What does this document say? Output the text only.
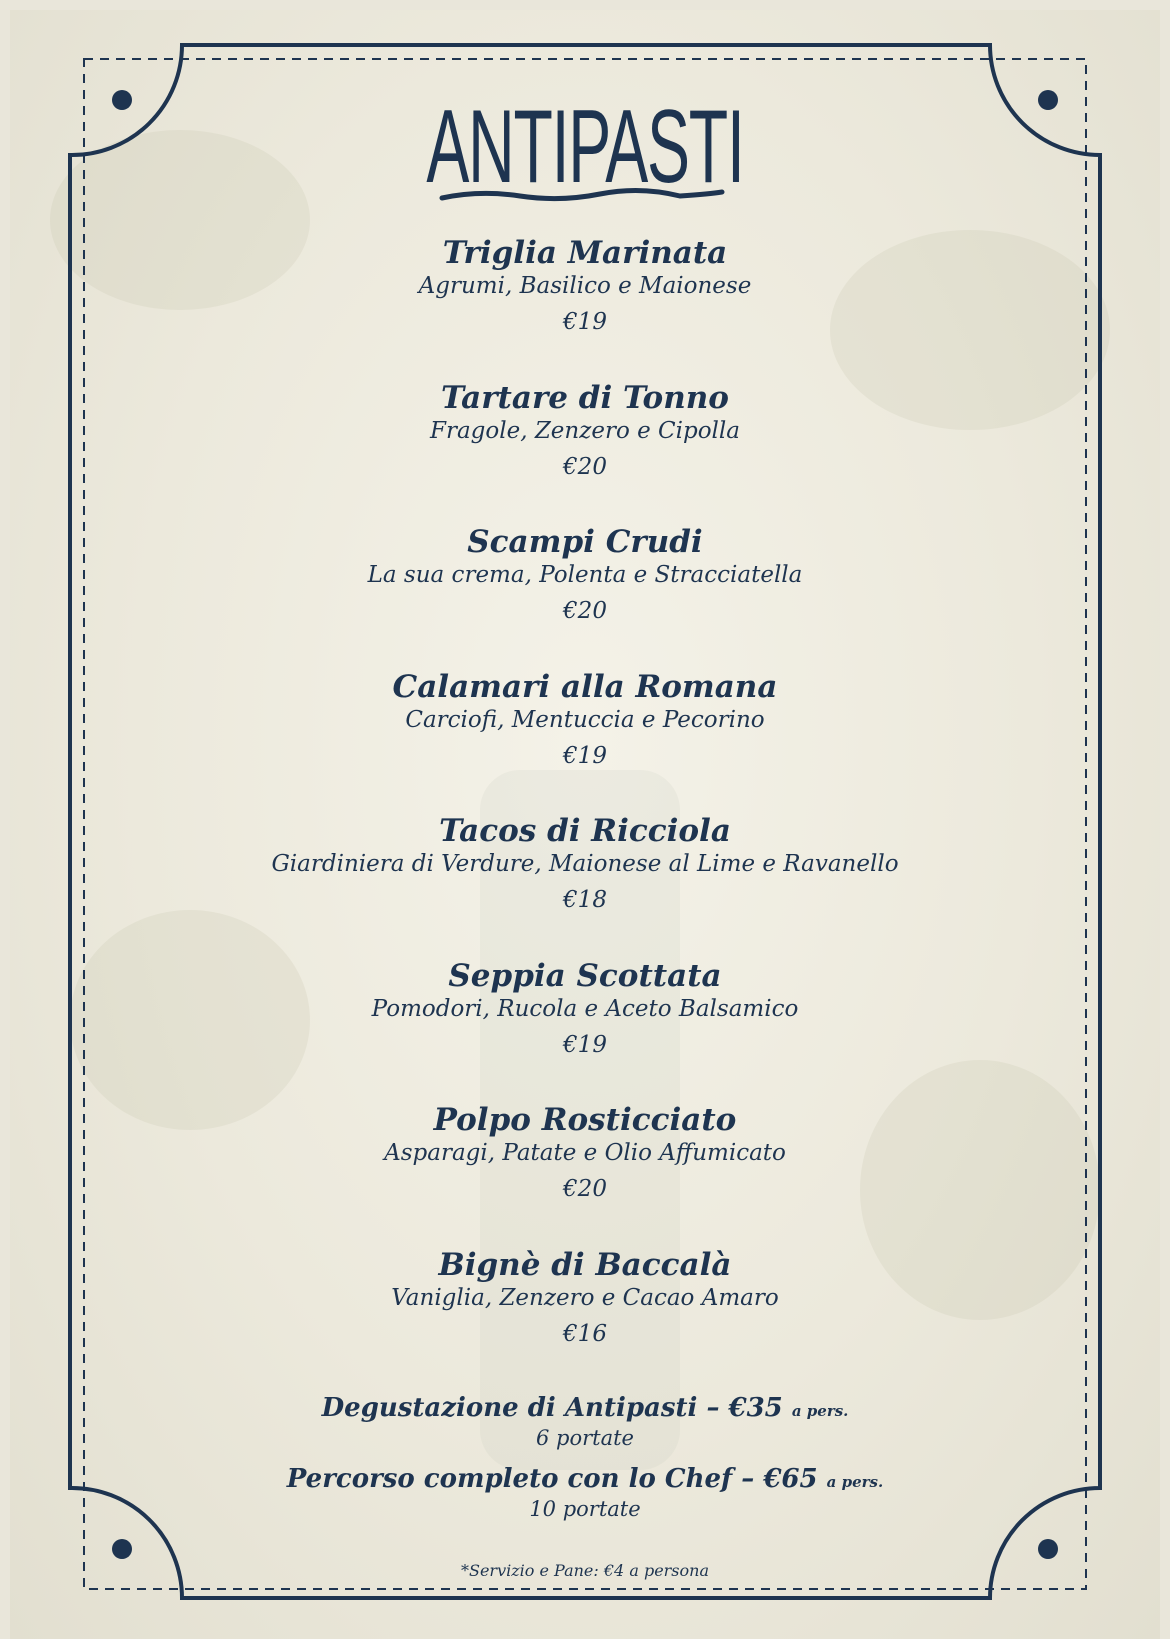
ANTIPASTI
Triglia Marinata
Agrumi, Basilico e Maionese
€19
Tartare di Tonno
Fragole, Zenzero e Cipolla
€20
Scampi Crudi
La sua crema, Polenta e Stracciatella
€20
Calamari alla Romana
Carciofi, Mentuccia e Pecorino
€19
Tacos di Ricciola
Giardiniera di Verdure, Maionese al Lime e Ravanello
€18
Seppia Scottata
Pomodori, Rucola e Aceto Balsamico
€19
Polpo Rosticciato
Asparagi, Patate e Olio Affumicato
€20
Bignè di Baccalà
Vaniglia, Zenzero e Cacao Amaro
€16
Degustazione di Antipasti – €35 a pers.
6 portate
Percorso completo con lo Chef – €65 a pers.
10 portate
*Servizio e Pane: €4 a persona
